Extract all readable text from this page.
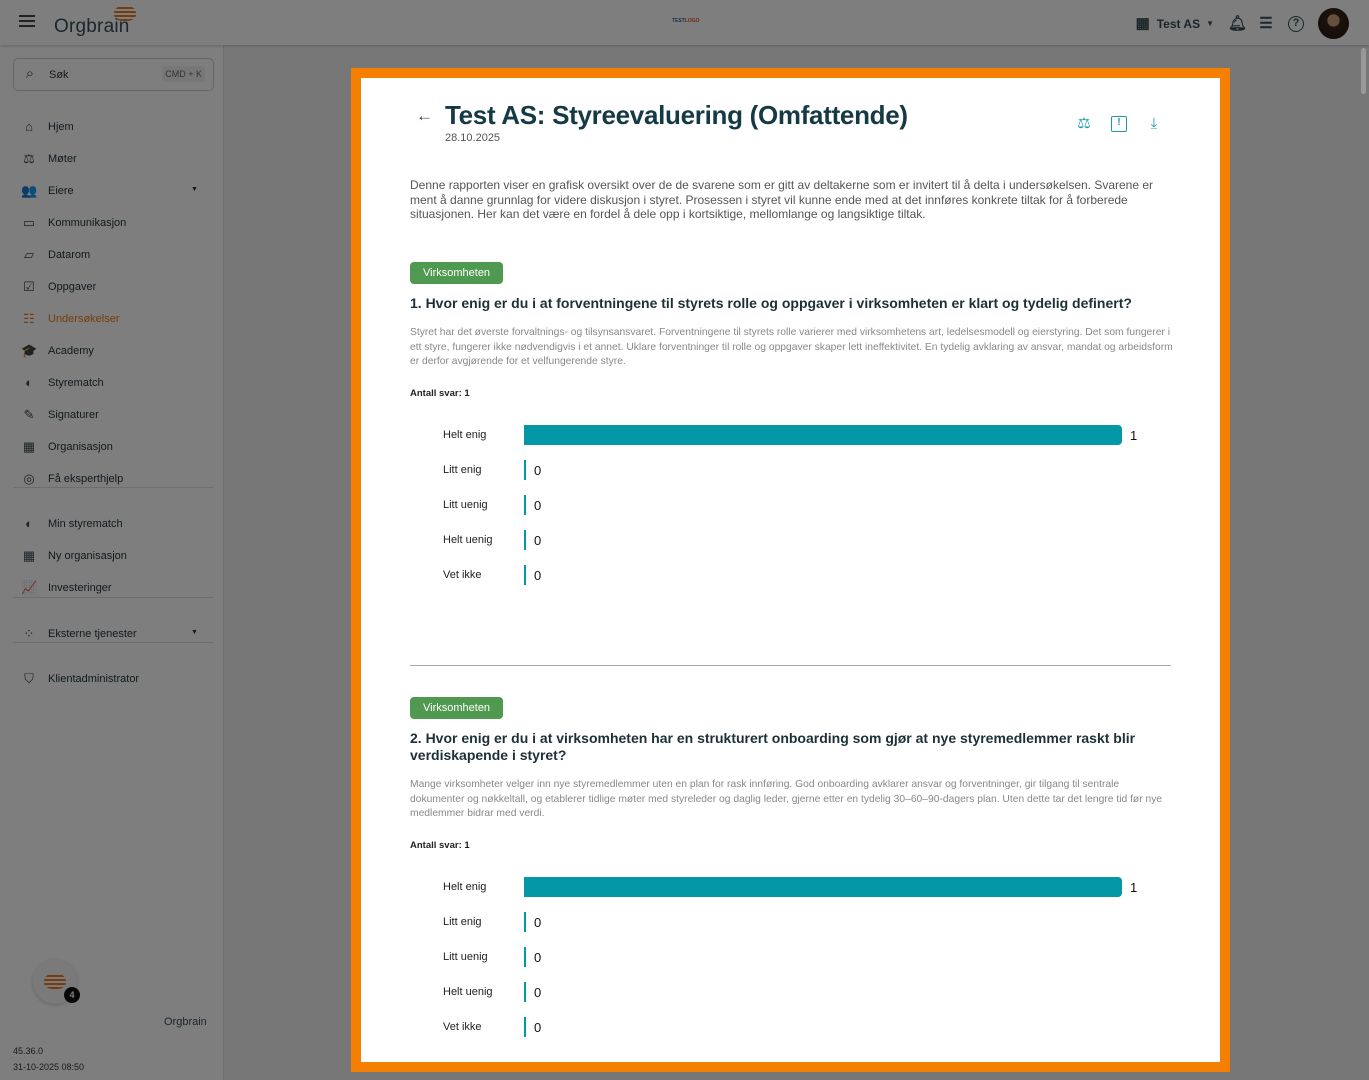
← Test AS: Styreevaluering (Omfattende)
28.10.2025
⚖	!	⤓
Denne rapporten viser en grafisk oversikt over de de svarene som er gitt av deltakerne som er invitert til å delta i undersøkelsen. Svarene er ment å danne grunnlag for videre diskusjon i styret. Prosessen i styret vil kunne ende med at det innføres konkrete tiltak for å forberede situasjonen. Her kan det være en fordel å dele opp i kortsiktige, mellomlange og langsiktige tiltak.
Virksomheten
1. Hvor enig er du i at forventningene til styrets rolle og oppgaver i virksomheten er klart og tydelig definert?
Styret har det øverste forvaltnings- og tilsynsansvaret. Forventningene til styrets rolle varierer med virksomhetens art, ledelsesmodell og eierstyring. Det som fungerer i ett styre, fungerer ikke nødvendigvis i et annet. Uklare forventninger til rolle og oppgaver skaper lett ineffektivitet. En tydelig avklaring av ansvar, mandat og arbeidsform er derfor avgjørende for et velfungerende styre.
Antall svar: 1
Helt enig	1
Litt enig	0
Litt uenig	0
Helt uenig	0
Vet ikke	0
Virksomheten
2. Hvor enig er du i at virksomheten har en strukturert onboarding som gjør at nye styremedlemmer raskt blir verdiskapende i styret?
Mange virksomheter velger inn nye styremedlemmer uten en plan for rask innføring. God onboarding avklarer ansvar og forventninger, gir tilgang til sentrale dokumenter og nøkkeltall, og etablerer tidlige møter med styreleder og daglig leder, gjerne etter en tydelig 30–60–90-dagers plan. Uten dette tar det lengre tid før nye medlemmer bidrar med verdi.
Antall svar: 1
Helt enig	1
Litt enig	0
Litt uenig	0
Helt uenig	0
Vet ikke	0
